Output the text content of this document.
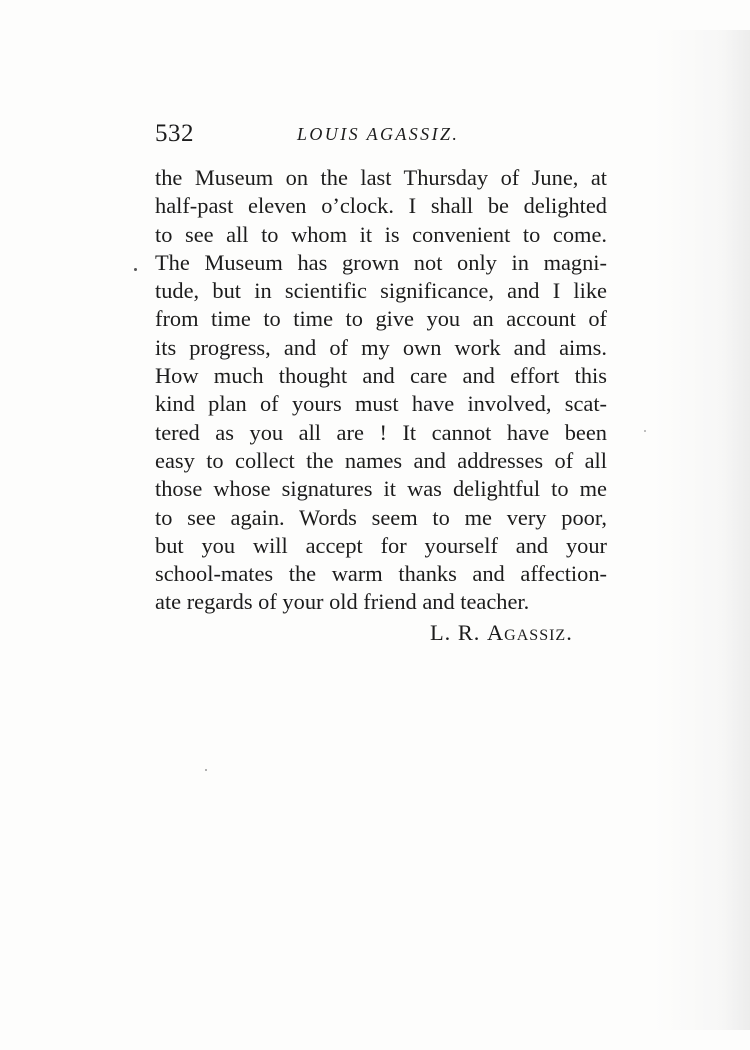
532	LOUIS AGASSIZ.
the Museum on the last Thursday of June, at
half-past eleven o’clock. I shall be delighted
to see all to whom it is convenient to come.
The Museum has grown not only in magni-
tude, but in scientific significance, and I like
from time to time to give you an account of
its progress, and of my own work and aims.
How much thought and care and effort this
kind plan of yours must have involved, scat-
tered as you all are ! It cannot have been
easy to collect the names and addresses of all
those whose signatures it was delightful to me
to see again. Words seem to me very poor,
but you will accept for yourself and your
school-mates the warm thanks and affection-
ate regards of your old friend and teacher.
L. R. Agassiz.
